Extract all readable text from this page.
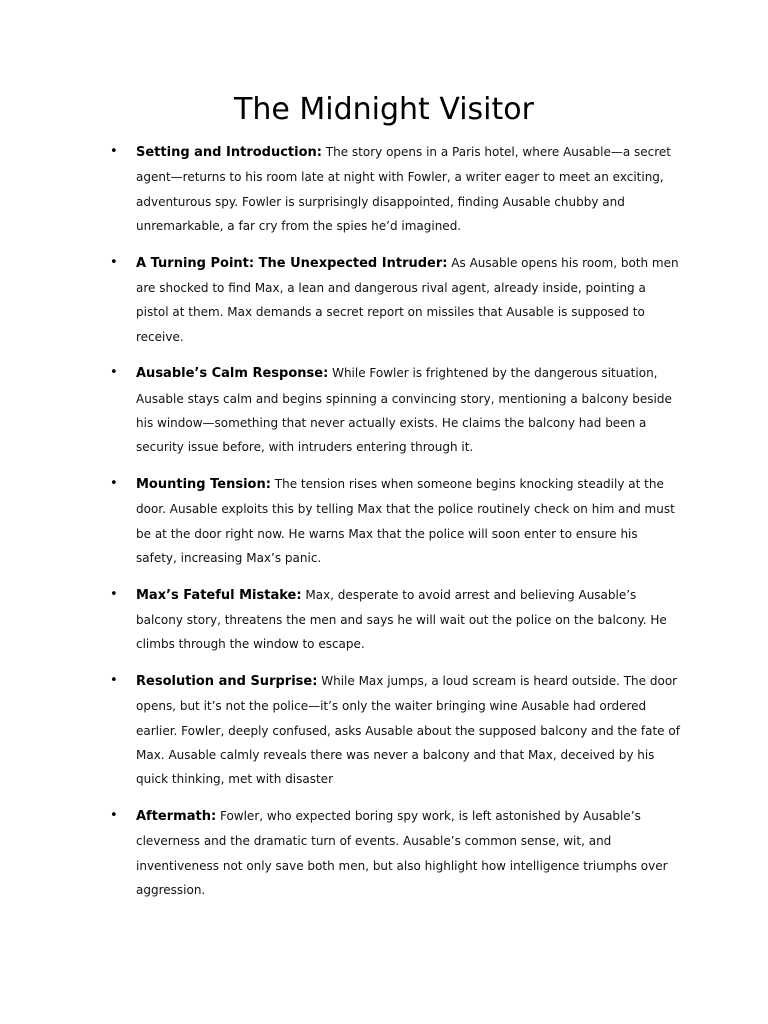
The Midnight Visitor
• Setting and Introduction: The story opens in a Paris hotel, where Ausable—a secret agent—returns to his room late at night with Fowler, a writer eager to meet an exciting, adventurous spy. Fowler is surprisingly disappointed, finding Ausable chubby and unremarkable, a far cry from the spies he’d imagined.
• A Turning Point: The Unexpected Intruder: As Ausable opens his room, both men are shocked to find Max, a lean and dangerous rival agent, already inside, pointing a pistol at them. Max demands a secret report on missiles that Ausable is supposed to receive.
• Ausable’s Calm Response: While Fowler is frightened by the dangerous situation, Ausable stays calm and begins spinning a convincing story, mentioning a balcony beside his window—something that never actually exists. He claims the balcony had been a security issue before, with intruders entering through it.
• Mounting Tension: The tension rises when someone begins knocking steadily at the door. Ausable exploits this by telling Max that the police routinely check on him and must be at the door right now. He warns Max that the police will soon enter to ensure his safety, increasing Max’s panic.
• Max’s Fateful Mistake: Max, desperate to avoid arrest and believing Ausable’s balcony story, threatens the men and says he will wait out the police on the balcony. He climbs through the window to escape.
• Resolution and Surprise: While Max jumps, a loud scream is heard outside. The door opens, but it’s not the police—it’s only the waiter bringing wine Ausable had ordered earlier. Fowler, deeply confused, asks Ausable about the supposed balcony and the fate of Max. Ausable calmly reveals there was never a balcony and that Max, deceived by his quick thinking, met with disaster
• Aftermath: Fowler, who expected boring spy work, is left astonished by Ausable’s cleverness and the dramatic turn of events. Ausable’s common sense, wit, and inventiveness not only save both men, but also highlight how intelligence triumphs over aggression.
